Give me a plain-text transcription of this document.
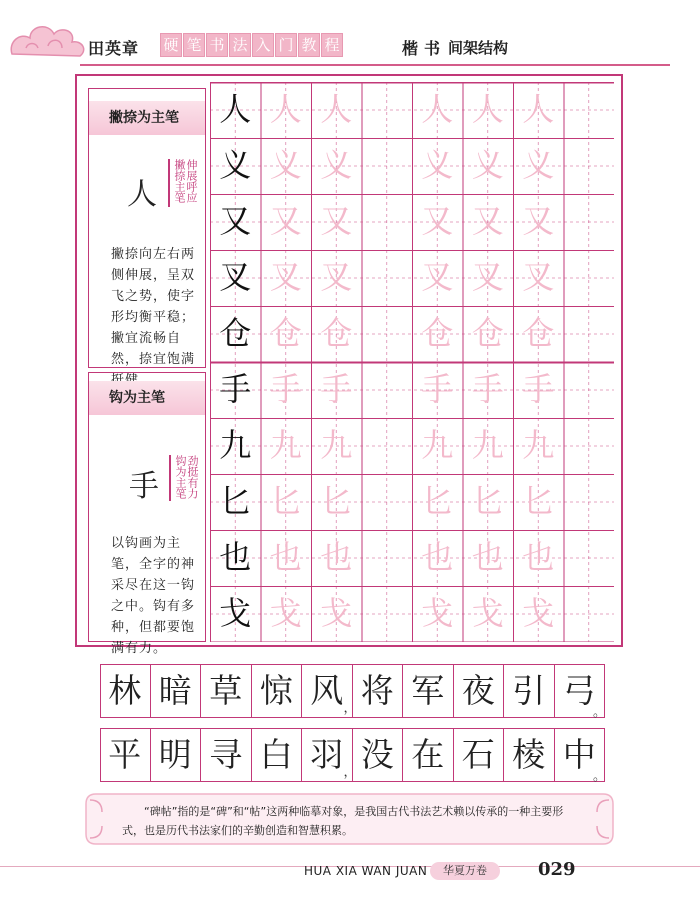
田英章 硬 笔 书 法 入 门 教 程	楷书 间架结构
撇捺为主笔
人 撇捺主笔 伸展呼应
撇捺向左右两侧伸展，呈双飞之势，使字形均衡平稳；撇宜流畅自然，捺宜饱满
钩为主笔
手 钩为主笔 劲挺有力
以钩画为主笔，全字的神采尽在这一钩之中。钩有多种，但都要饱满有力。
人 人 人 人 人 人
义 义 义 义 义 义
又 又 又 又 又 又
叉 叉 叉 叉 叉 叉
仓 仓 仓 仓 仓 仓
手 手 手 手 手 手
九 九 九 九 九 九
匕 匕 匕 匕 匕 匕
也 也 也 也 也 也
戈 戈 戈 戈 戈 戈
林 暗 草 惊 风 将 军 夜 引 弓
，	。
平 明 寻 白 羽 没 在 石 棱 中
，	。
“碑帖”指的是“碑”和“帖”这两种临摹对象，是我国古代书法艺术赖以传承的一种主要形式，也是历代书法家们的辛勤创造和智慧积累。
HUA XIA WAN JUAN	华夏万卷	029
